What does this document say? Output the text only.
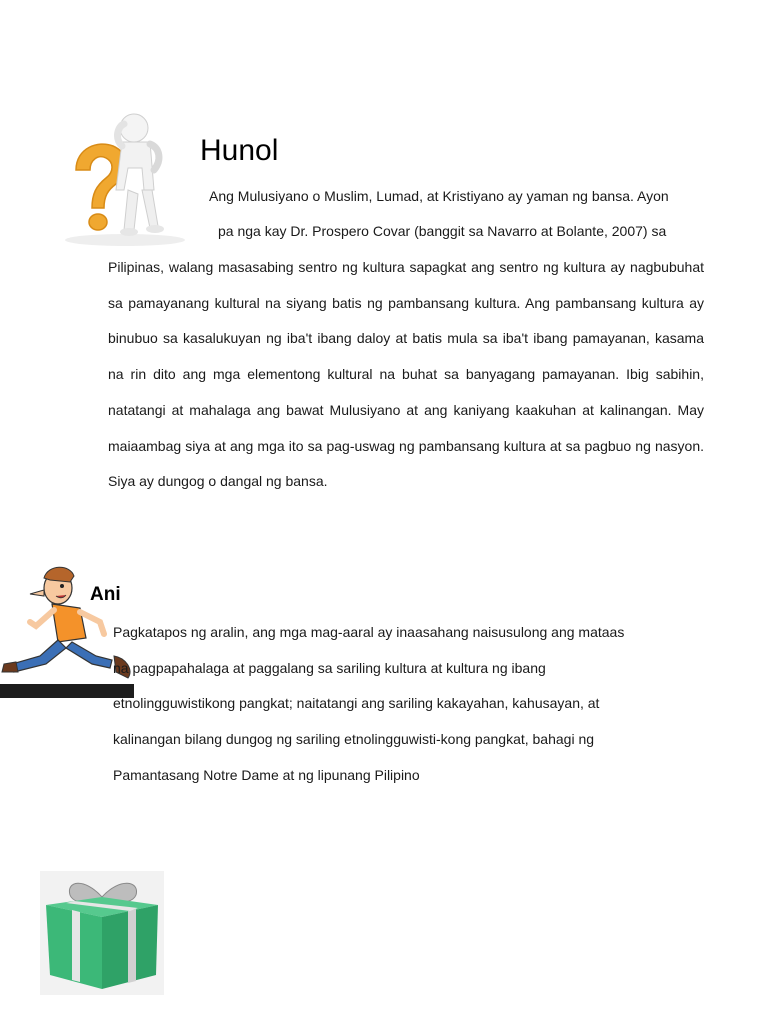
Hunol

Ang Mulusiyano o Muslim, Lumad, at Kristiyano ay yaman ng bansa. Ayon

pa nga kay Dr. Prospero Covar (banggit sa Navarro at Bolante, 2007) sa

Pilipinas, walang masasabing sentro ng kultura sapagkat ang sentro ng kultura ay nagbubuhat sa pamayanang kultural na siyang batis ng pambansang kultura. Ang pambansang kultura ay binubuo sa kasalukuyan ng iba't ibang daloy at batis mula sa iba't ibang pamayanan, kasama na rin dito ang mga elementong kultural na buhat sa banyagang pamayanan. Ibig sabihin, natatangi at mahalaga ang bawat Mulusiyano at ang kaniyang kaakuhan at kalinangan. May maiaambag siya at ang mga ito sa pag-uswag ng pambansang kultura at sa pagbuo ng nasyon. Siya ay dungog o dangal ng bansa.

Ani
Pagkatapos ng aralin, ang mga mag-aaral ay inaasahang naisusulong ang mataas
na pagpapahalaga at paggalang sa sariling kultura at kultura ng ibang
etnolingguwistikong pangkat; naitatangi ang sariling kakayahan, kahusayan, at
kalinangan bilang dungog ng sariling etnolingguwisti-kong pangkat, bahagi ng
Pamantasang Notre Dame at ng lipunang Pilipino
